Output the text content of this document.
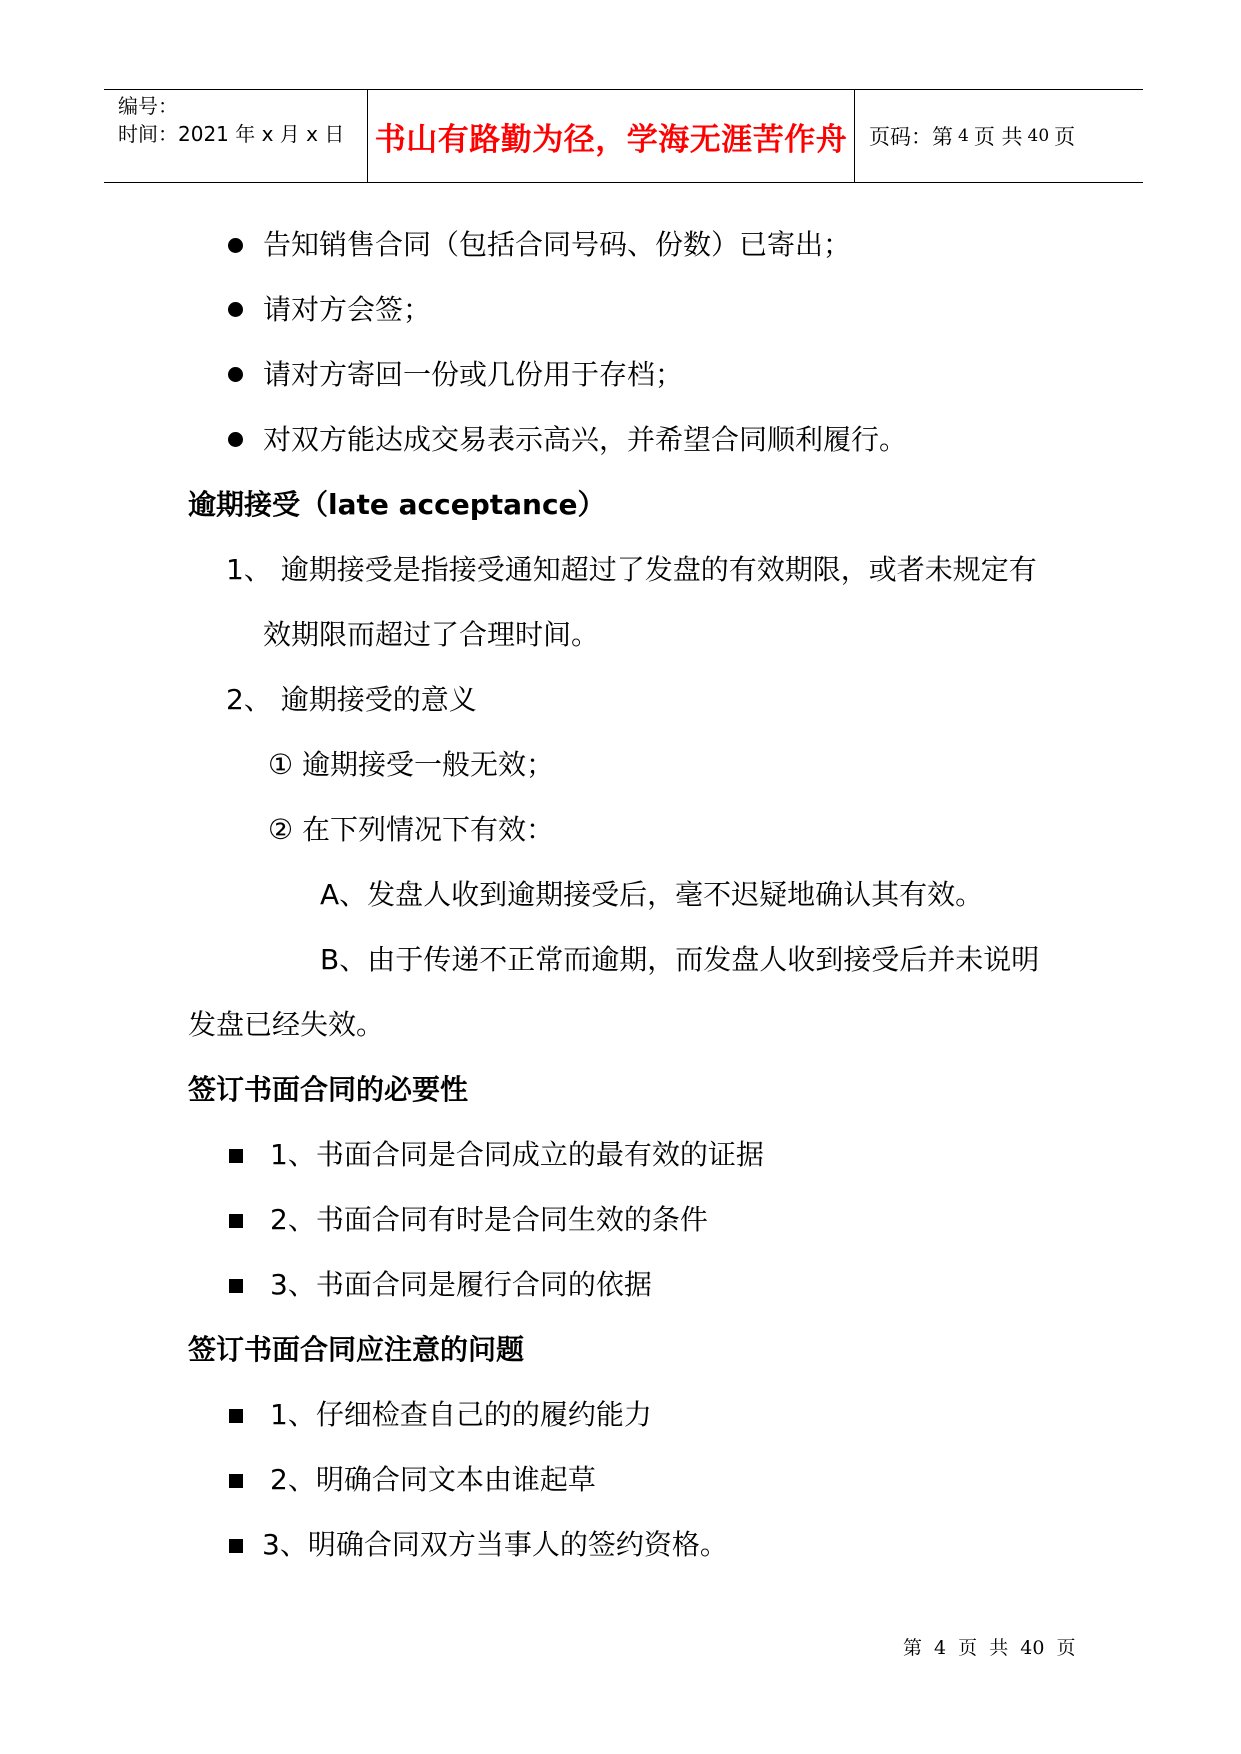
编号：
时间：2021 年 x 月 x 日 书山有路勤为径，学海无涯苦作舟	页码：第 4 页 共 40 页
告知销售合同（包括合同号码、份数）已寄出；
请对方会签；
请对方寄回一份或几份用于存档；
对双方能达成交易表示高兴，并希望合同顺利履行。
逾期接受（late acceptance）
1、 逾期接受是指接受通知超过了发盘的有效期限，或者未规定有
效期限而超过了合理时间。
2、 逾期接受的意义
① 逾期接受一般无效；
② 在下列情况下有效：
A、发盘人收到逾期接受后，毫不迟疑地确认其有效。
B、由于传递不正常而逾期，而发盘人收到接受后并未说明
发盘已经失效。
签订书面合同的必要性
1、书面合同是合同成立的最有效的证据
2、书面合同有时是合同生效的条件
3、书面合同是履行合同的依据
签订书面合同应注意的问题
1、仔细检查自己的的履约能力
2、明确合同文本由谁起草
3、明确合同双方当事人的签约资格。
第 4 页 共 40 页
